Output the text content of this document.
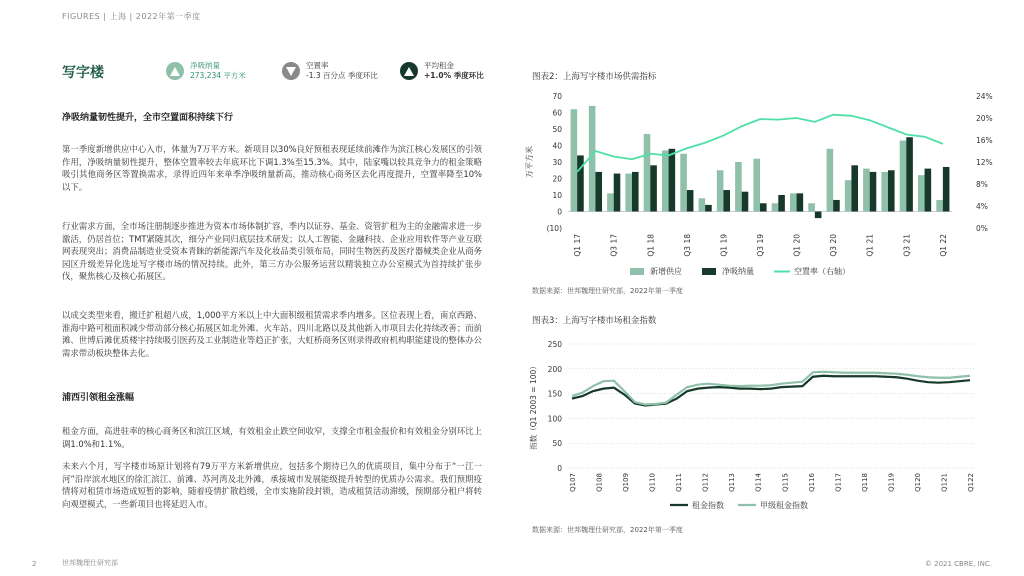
FIGURES | 上海 | 2022年第一季度
写字楼	净吸纳量
273,234 平方米
空置率
-1.3 百分点 季度环比
平均租金
+1.0% 季度环比
净吸纳量韧性提升，全市空置面积持续下行
第一季度新增供应中心入市，体量为7万平方米。新项目以30%良好预租表现延续前滩作为滨江核心发展区的引领作用，净吸纳量韧性提升，整体空置率较去年底环比下调1.3%至15.3%。其中，陆家嘴以较具竞争力的租金策略吸引其他商务区等置换需求，录得近四年来单季净吸纳量新高，推动核心商务区去化再度提升，空置率降至10%以下。
行业需求方面，全市场注册制逐步推进为资本市场体制扩容，季内以证券、基金、资管扩租为主的金融需求进一步激活，仍居首位；TMT紧随其次，细分产业同归底层技术研发；以人工智能、金融科技、企业应用软件等产业互联网表现突出；消费品制造业受资本青睐的新能源汽车及化妆品类引领布局，同时生物医药及医疗器械类企业从商务园区升级差异化选址写字楼市场的情况持续。此外，第三方办公服务运营以精装独立办公室模式为首持续扩张步伐，聚焦核心及核心拓展区。
以成交类型来看，搬迁扩租超八成，1,000平方米以上中大面积级租赁需求季内增多。区位表现上看，南京西路、淮海中路可租面积减少带动部分核心拓展区如北外滩、火车站、四川北路以及其他新入市项目去化持续改善；而前滩、世博后滩优质楼宇持续吸引医药及工业制造业等趋正扩张，大虹桥商务区则录得政府机构职能建设的整体办公需求带动板块整体去化。
浦西引领租金涨幅
租金方面，高进驻率的核心商务区和滨江区域，有效租金止跌空间收窄，支撑全市租金报价和有效租金分别环比上调1.0%和1.1%。
未来六个月，写字楼市场原计划将有79万平方米新增供应，包括多个期待已久的优质项目，集中分布于“一江一河”沿岸滨水地区的徐汇滨江、前滩、苏河湾及北外滩，承接城市发展能级提升转型的优质办公需求。我们预期疫情将对租赁市场造成短暂的影响，随着疫情扩散趋缓，全市实施阶段封锁，造成租赁活动滞缓，预期部分租户将转向观望模式，一些新项目也将延迟入市。
图表2：上海写字楼市场供需指标
70
60
50
40
30
20
10
0
(10)
24%
20%
16%
12%
8%
4%
0%
万平方米
Q1 17	Q3 17	Q1 18	Q3 18	Q1 19	Q3 19	Q1 20	Q3 20	Q1 21	Q3 21	Q1 22
新增供应	净吸纳量	空置率（右轴）
数据来源：世邦魏理仕研究部，2022年第一季度
图表3：上海写字楼市场租金指数
250
200
150
100
50
0
指数（Q1 2003 = 100）
Q107	Q108	Q109	Q110	Q111	Q112	Q113	Q114	Q115	Q116	Q117	Q118	Q119	Q120	Q121	Q122
租金指数	甲级租金指数
数据来源：世邦魏理仕研究部，2022年第一季度
2	世邦魏理仕研究部	© 2021 CBRE, INC.
